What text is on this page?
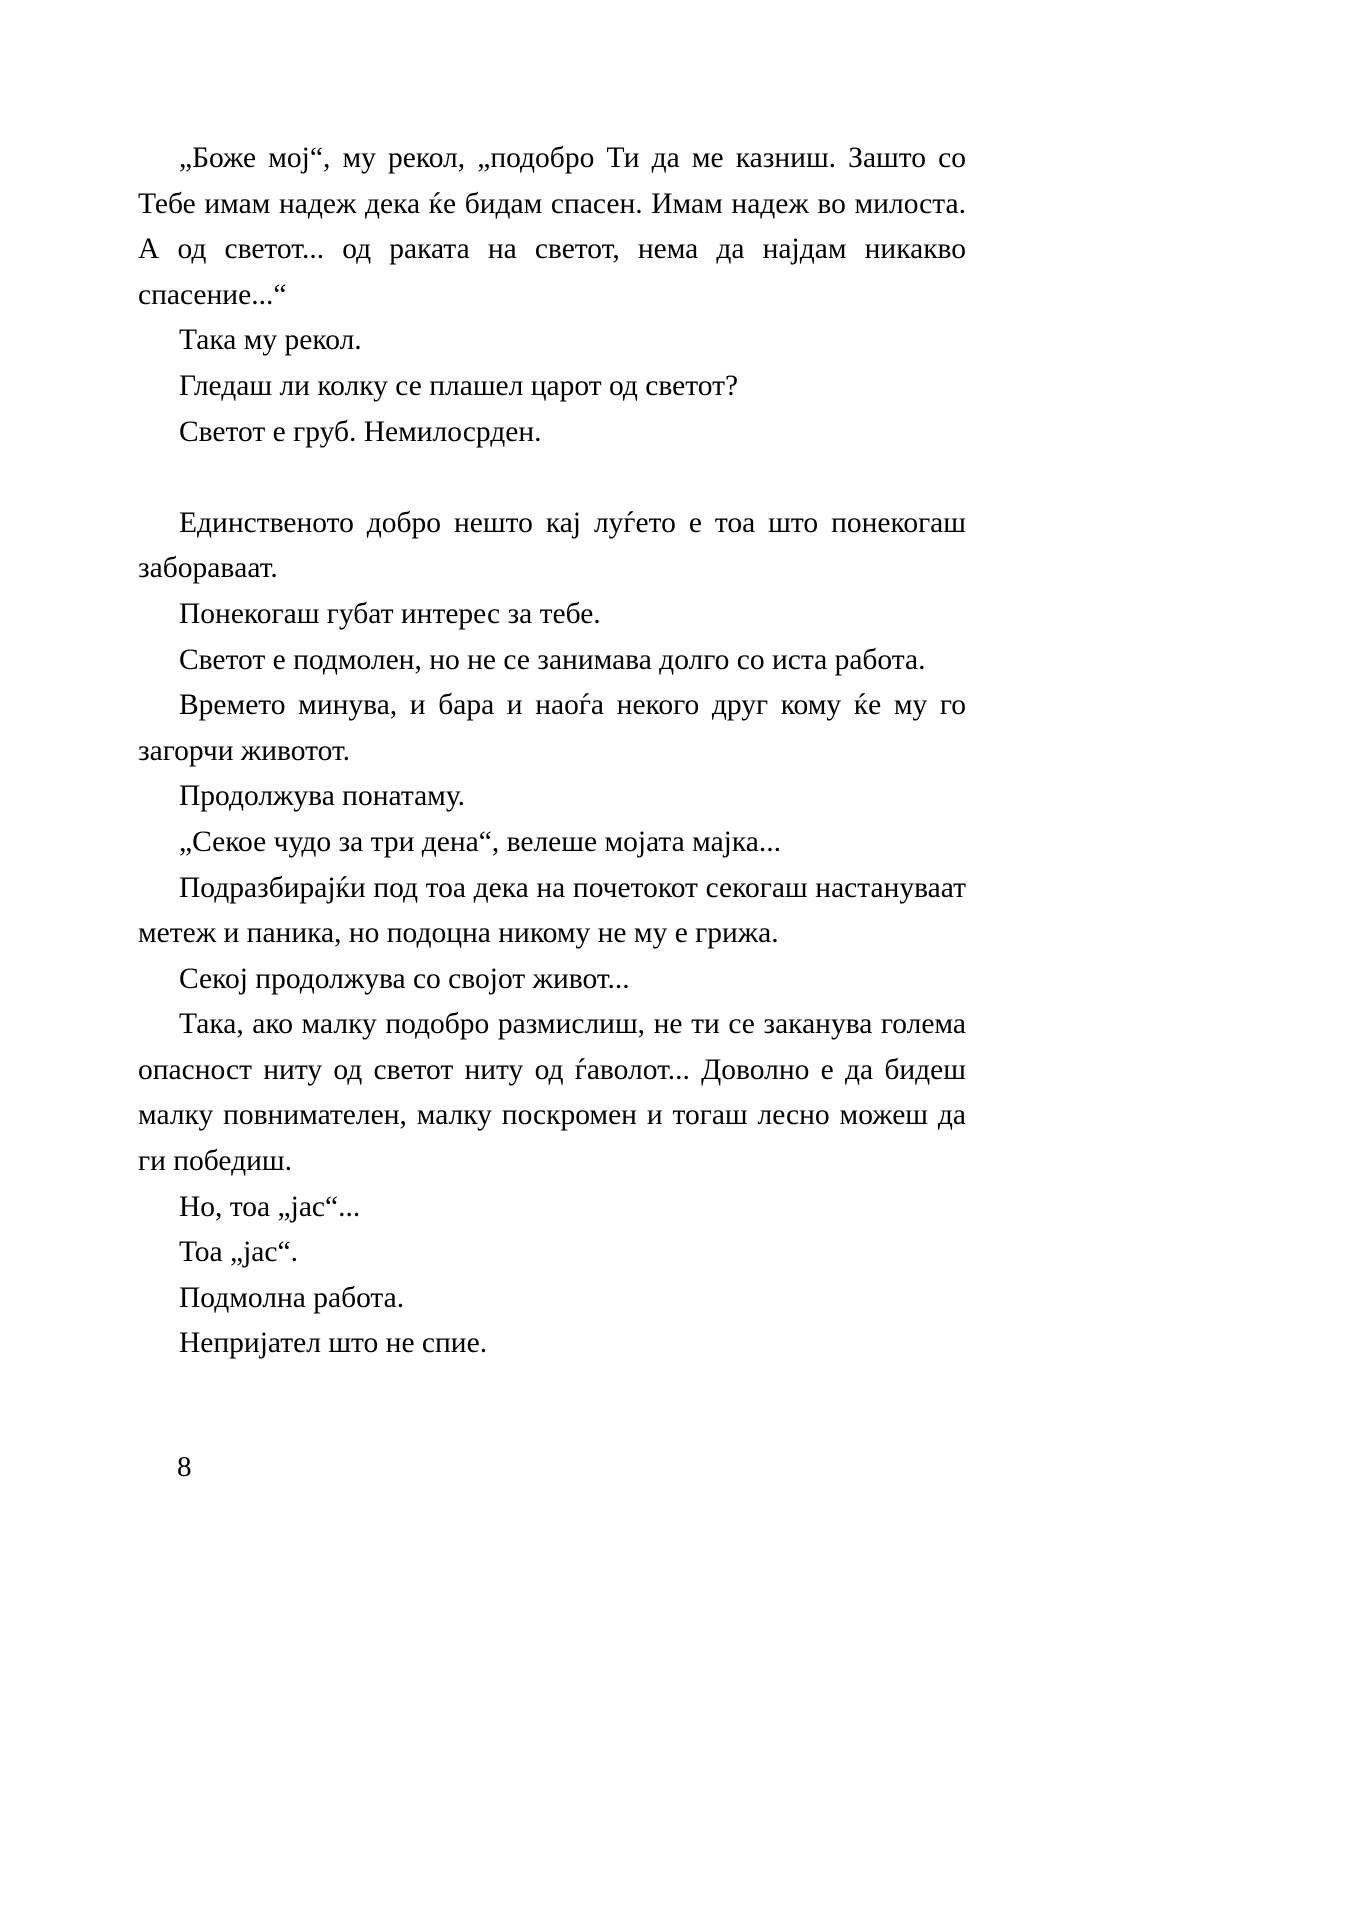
„Боже мој“, му рекол, „подобро Ти да ме казниш. Зашто со Тебе имам надеж дека ќе бидам спасен. Имам надеж во милоста. А од светот... од раката на светот, нема да најдам никакво спасение...“

Така му рекол.

Гледаш ли колку се плашел царот од светот?

Светот е груб. Немилосрден.

Единственото добро нешто кај луѓето е тоа што понекогаш заборавaат.

Понекогаш губат интерес за тебе.

Светот е подмолен, но не се занимава долго со иста работа.

Времето минува, и бара и наоѓа некого друг кому ќе му го загорчи животот.

Продолжува понатаму.

„Секое чудо за три дена“, велеше мојата мајка...

Подразбирајќи под тоа дека на почетокот секогаш настануваат метеж и паника, но подоцна никому не му е грижа.

Секој продолжува со својот живот...

Така, ако малку подобро размислиш, не ти се заканува голема опасност ниту од светот ниту од ѓаволот... Доволно е да бидеш малку повнимателен, малку поскромен и тогаш лесно можеш да ги победиш.

Но, тоа „јас“...

Тоа „јас“.

Подмолна работа.

Непријател што не спие.

8
